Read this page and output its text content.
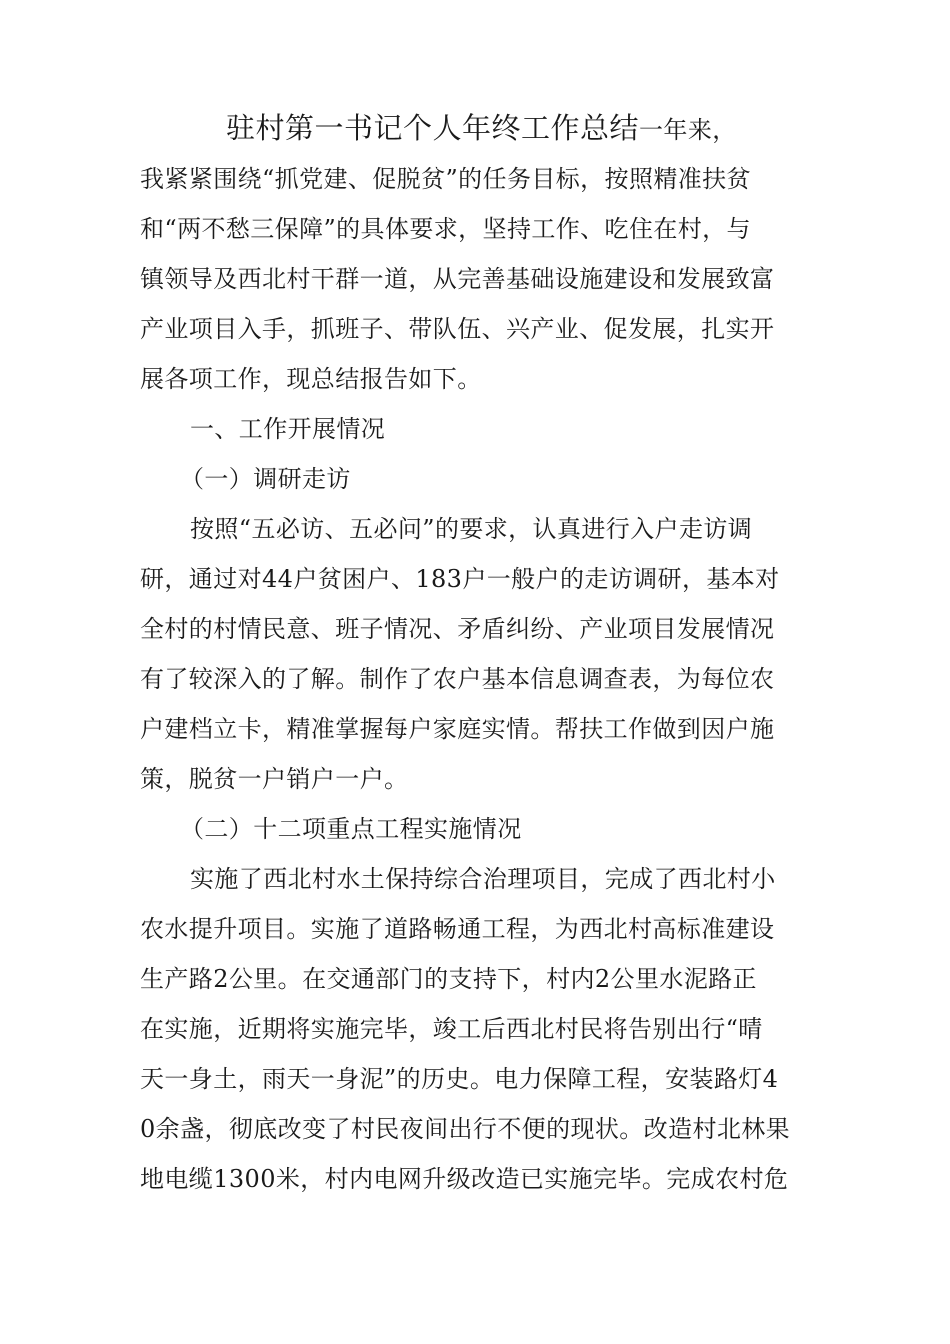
驻村第一书记个人年终工作总结一年来，
我紧紧围绕“抓党建、促脱贫”的任务目标，按照精准扶贫
和“两不愁三保障”的具体要求，坚持工作、吃住在村，与
镇领导及西北村干群一道，从完善基础设施建设和发展致富
产业项目入手，抓班子、带队伍、兴产业、促发展，扎实开
展各项工作，现总结报告如下。
一、工作开展情况
（一）调研走访
按照“五必访、五必问”的要求，认真进行入户走访调
研，通过对44户贫困户、183户一般户的走访调研，基本对
全村的村情民意、班子情况、矛盾纠纷、产业项目发展情况
有了较深入的了解。制作了农户基本信息调查表，为每位农
户建档立卡，精准掌握每户家庭实情。帮扶工作做到因户施
策，脱贫一户销户一户。
（二）十二项重点工程实施情况
实施了西北村水土保持综合治理项目，完成了西北村小
农水提升项目。实施了道路畅通工程，为西北村高标准建设
生产路2公里。在交通部门的支持下，村内2公里水泥路正
在实施，近期将实施完毕，竣工后西北村民将告别出行“晴
天一身土，雨天一身泥”的历史。电力保障工程，安装路灯4
0余盏，彻底改变了村民夜间出行不便的现状。改造村北林果
地电缆1300米，村内电网升级改造已实施完毕。完成农村危
